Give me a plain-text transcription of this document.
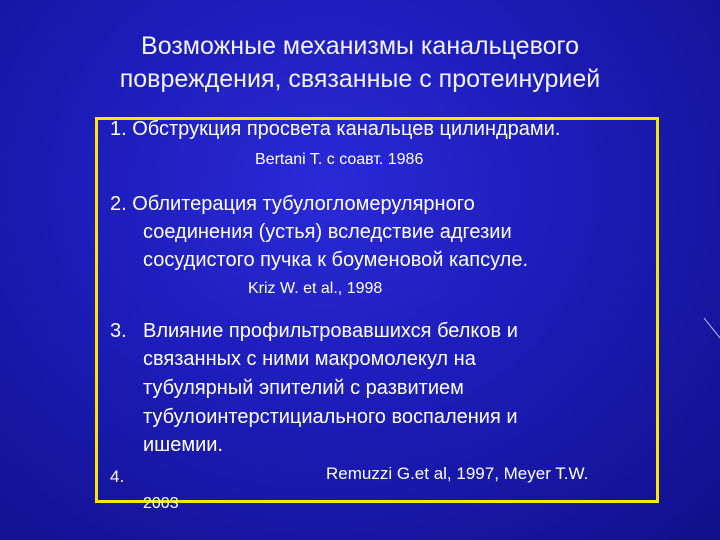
Возможные механизмы канальцевого
повреждения, связанные с протеинурией
1. Обструкция просвета канальцев цилиндрами.
Bertani T. с соавт. 1986
2. Облитерация тубулогломерулярного
соединения (устья) вследствие адгезии
сосудистого пучка к боуменовой капсуле.
Kriz W. et al., 1998
3. Влияние профильтровавшихся белков и
связанных с ними макромолекул на
тубулярный эпителий с развитием
тубулоинтерстициального воспаления и
ишемии.
4.	Remuzzi G.et al, 1997, Meyer T.W.
2003
